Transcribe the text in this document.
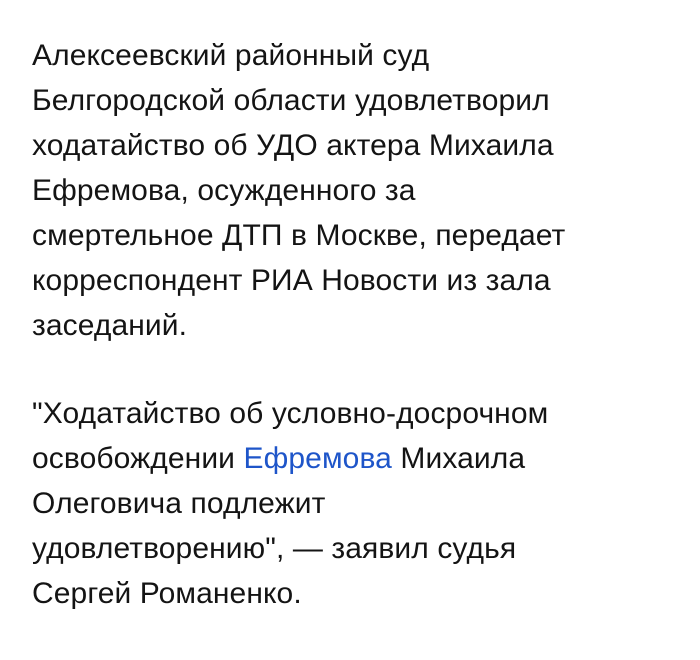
Алексеевский районный суд
Белгородской области удовлетворил
ходатайство об УДО актера Михаила
Ефремова, осужденного за
смертельное ДТП в Москве, передает
корреспондент РИА Новости из зала
заседаний.

"Ходатайство об условно-досрочном
освобождении Ефремова Михаила
Олеговича подлежит
удовлетворению", — заявил судья
Сергей Романенко.
